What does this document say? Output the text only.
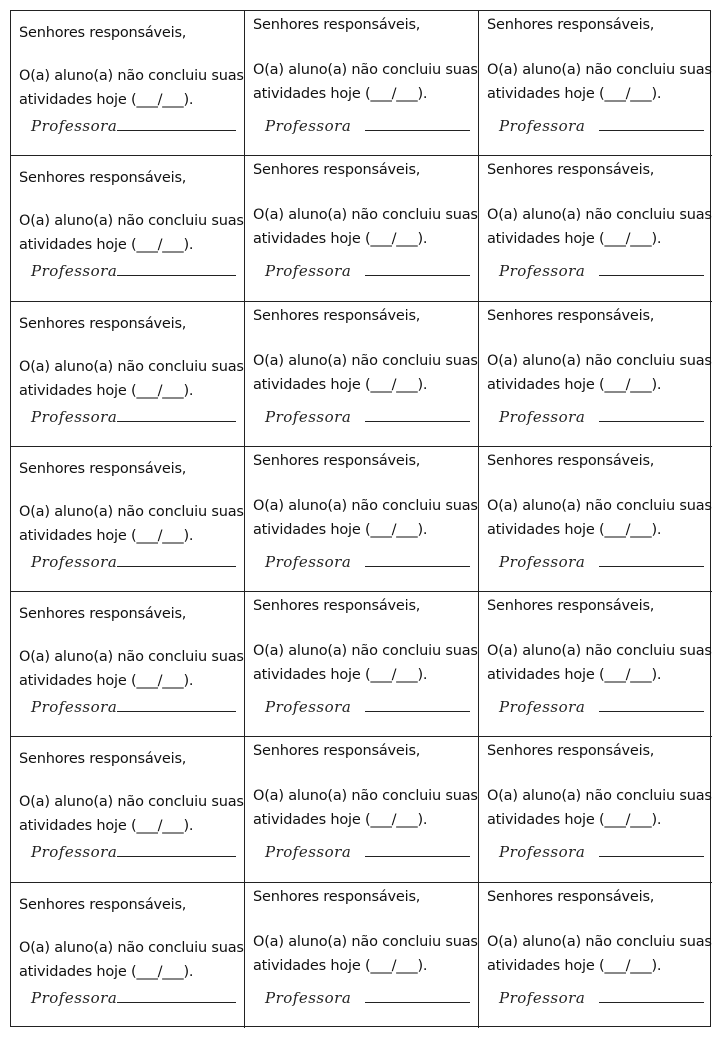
Senhores responsáveis,
O(a) aluno(a) não concluiu suas
atividades hoje (___/___).
Professora
Senhores responsáveis,
O(a) aluno(a) não concluiu suas
atividades hoje (___/___).
Professora
Senhores responsáveis,
O(a) aluno(a) não concluiu suas
atividades hoje (___/___).
Professora
Senhores responsáveis,
O(a) aluno(a) não concluiu suas
atividades hoje (___/___).
Professora
Senhores responsáveis,
O(a) aluno(a) não concluiu suas
atividades hoje (___/___).
Professora
Senhores responsáveis,
O(a) aluno(a) não concluiu suas
atividades hoje (___/___).
Professora
Senhores responsáveis,
O(a) aluno(a) não concluiu suas
atividades hoje (___/___).
Professora
Senhores responsáveis,
O(a) aluno(a) não concluiu suas
atividades hoje (___/___).
Professora
Senhores responsáveis,
O(a) aluno(a) não concluiu suas
atividades hoje (___/___).
Professora
Senhores responsáveis,
O(a) aluno(a) não concluiu suas
atividades hoje (___/___).
Professora
Senhores responsáveis,
O(a) aluno(a) não concluiu suas
atividades hoje (___/___).
Professora
Senhores responsáveis,
O(a) aluno(a) não concluiu suas
atividades hoje (___/___).
Professora
Senhores responsáveis,
O(a) aluno(a) não concluiu suas
atividades hoje (___/___).
Professora
Senhores responsáveis,
O(a) aluno(a) não concluiu suas
atividades hoje (___/___).
Professora
Senhores responsáveis,
O(a) aluno(a) não concluiu suas
atividades hoje (___/___).
Professora
Senhores responsáveis,
O(a) aluno(a) não concluiu suas
atividades hoje (___/___).
Professora
Senhores responsáveis,
O(a) aluno(a) não concluiu suas
atividades hoje (___/___).
Professora
Senhores responsáveis,
O(a) aluno(a) não concluiu suas
atividades hoje (___/___).
Professora
Senhores responsáveis,
O(a) aluno(a) não concluiu suas
atividades hoje (___/___).
Professora
Senhores responsáveis,
O(a) aluno(a) não concluiu suas
atividades hoje (___/___).
Professora
Senhores responsáveis,
O(a) aluno(a) não concluiu suas
atividades hoje (___/___).
Professora
